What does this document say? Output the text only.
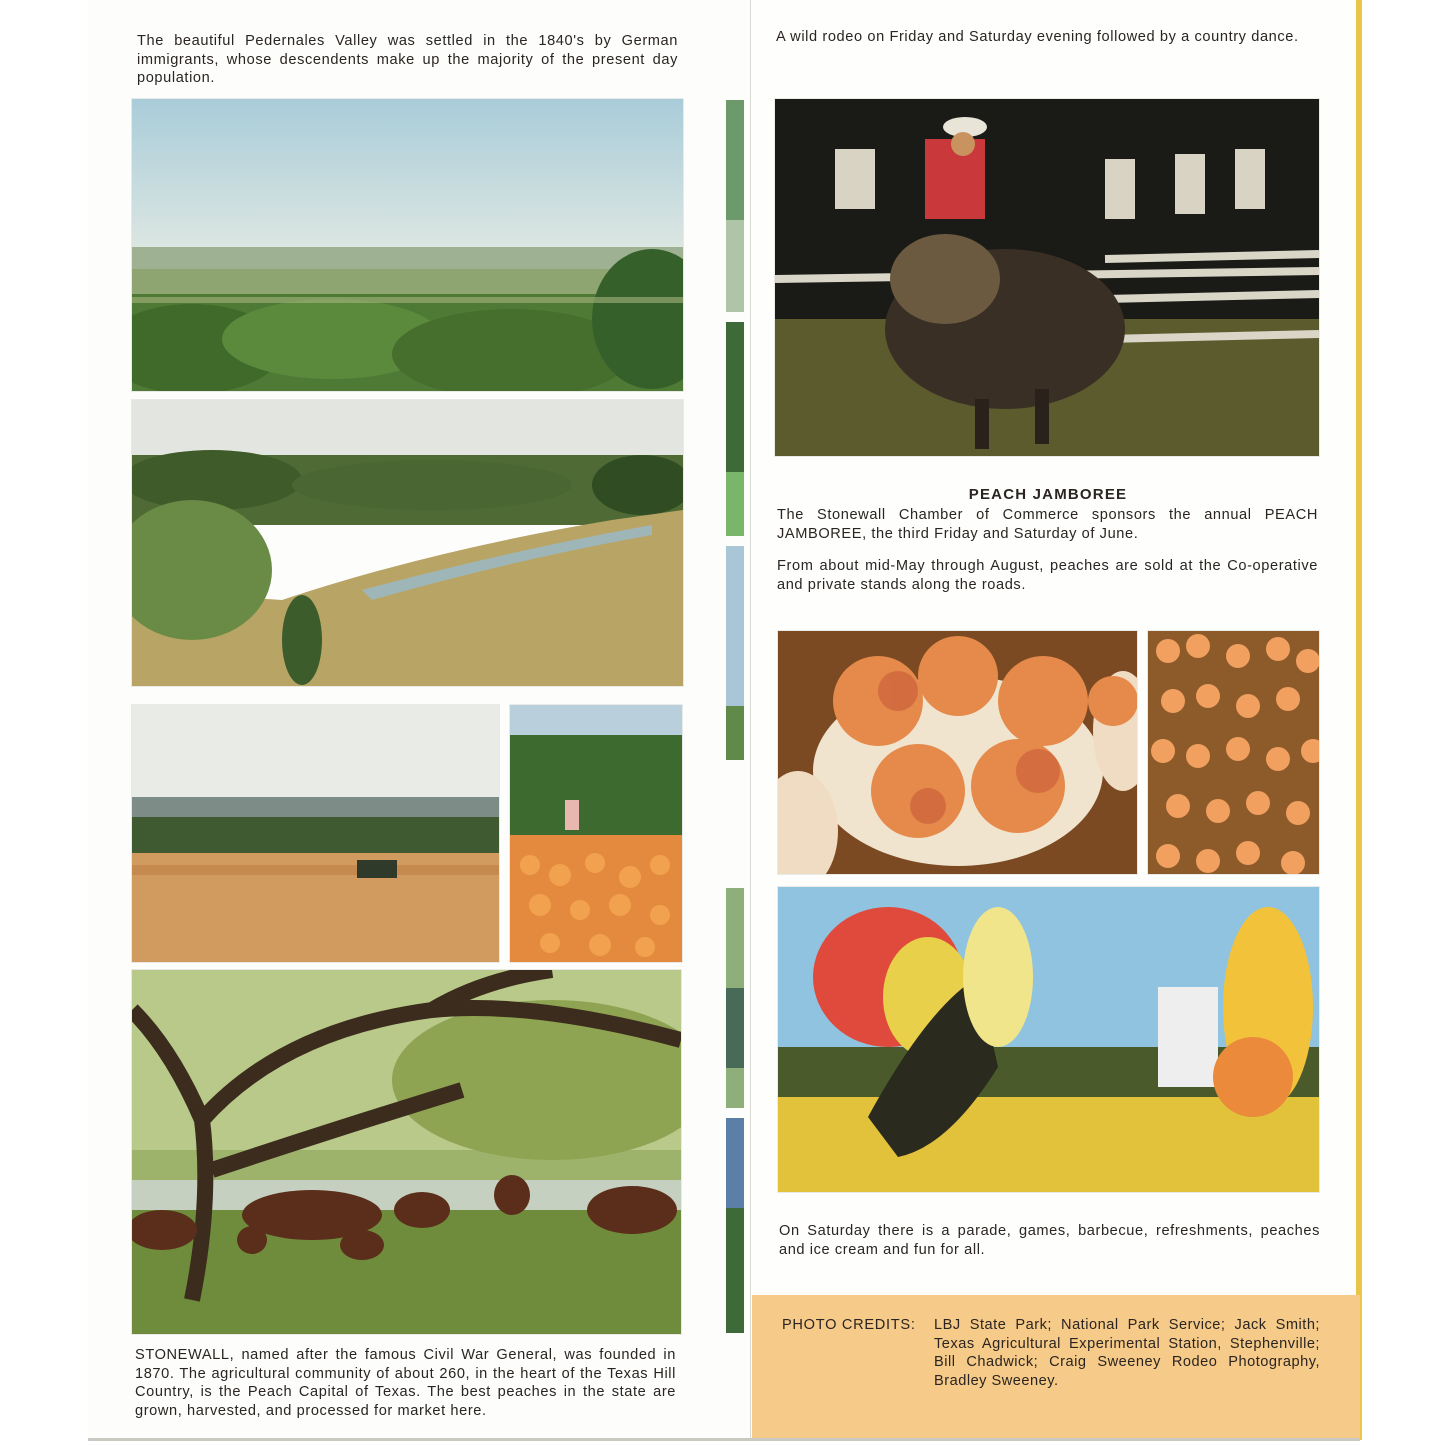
The beautiful Pedernales Valley was settled in the 1840's by German immigrants, whose descendents make up the majority of the present day population.

STONEWALL, named after the famous Civil War General, was founded in 1870. The agricultural community of about 260, in the heart of the Texas Hill Country, is the Peach Capital of Texas. The best peaches in the state are grown, harvested, and processed for market here.

A wild rodeo on Friday and Saturday evening followed by a country dance.

PEACH JAMBOREE

The Stonewall Chamber of Commerce sponsors the annual PEACH JAMBOREE, the third Friday and Saturday of June.

From about mid-May through August, peaches are sold at the Co-operative and private stands along the roads.

On Saturday there is a parade, games, barbecue, refreshments, peaches and ice cream and fun for all.

PHOTO CREDITS: LBJ State Park; National Park Service; Jack Smith; Texas Agricultural Experimental Station, Stephenville; Bill Chadwick; Craig Sweeney Rodeo Photography, Bradley Sweeney.
